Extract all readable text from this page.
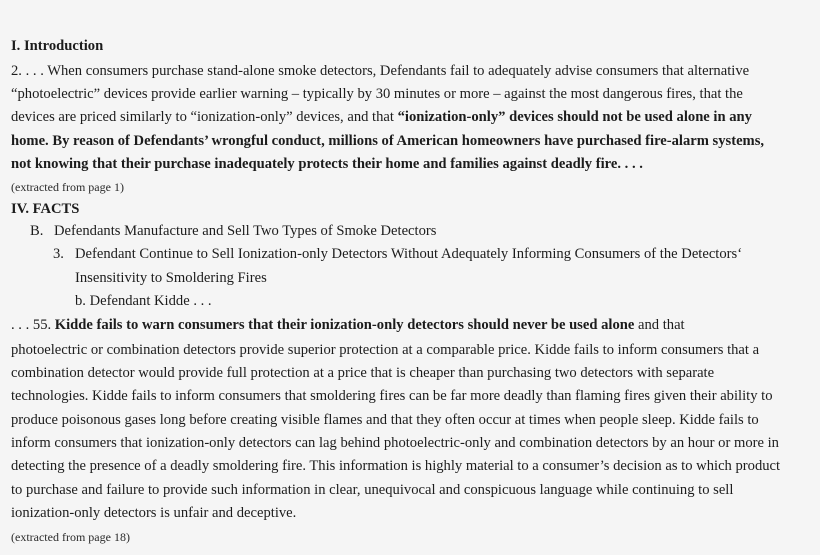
I. Introduction
2. . . . When consumers purchase stand-alone smoke detectors, Defendants fail to adequately advise consumers that alternative
“photoelectric” devices provide earlier warning – typically by 30 minutes or more – against the most dangerous fires, that the
devices are priced similarly to “ionization-only” devices, and that “ionization-only” devices should not be used alone in any
home. By reason of Defendants’ wrongful conduct, millions of American homeowners have purchased fire-alarm systems,
not knowing that their purchase inadequately protects their home and families against deadly fire. . . .
(extracted from page 1)
IV. FACTS
B. Defendants Manufacture and Sell Two Types of Smoke Detectors
3. Defendant Continue to Sell Ionization-only Detectors Without Adequately Informing Consumers of the Detectors‘
Insensitivity to Smoldering Fires
b. Defendant Kidde . . .
. . . 55. Kidde fails to warn consumers that their ionization-only detectors should never be used alone and that
photoelectric or combination detectors provide superior protection at a comparable price. Kidde fails to inform consumers that a
combination detector would provide full protection at a price that is cheaper than purchasing two detectors with separate
technologies. Kidde fails to inform consumers that smoldering fires can be far more deadly than flaming fires given their ability to
produce poisonous gases long before creating visible flames and that they often occur at times when people sleep. Kidde fails to
inform consumers that ionization-only detectors can lag behind photoelectric-only and combination detectors by an hour or more in
detecting the presence of a deadly smoldering fire. This information is highly material to a consumer’s decision as to which product
to purchase and failure to provide such information in clear, unequivocal and conspicuous language while continuing to sell
ionization-only detectors is unfair and deceptive.
(extracted from page 18)
